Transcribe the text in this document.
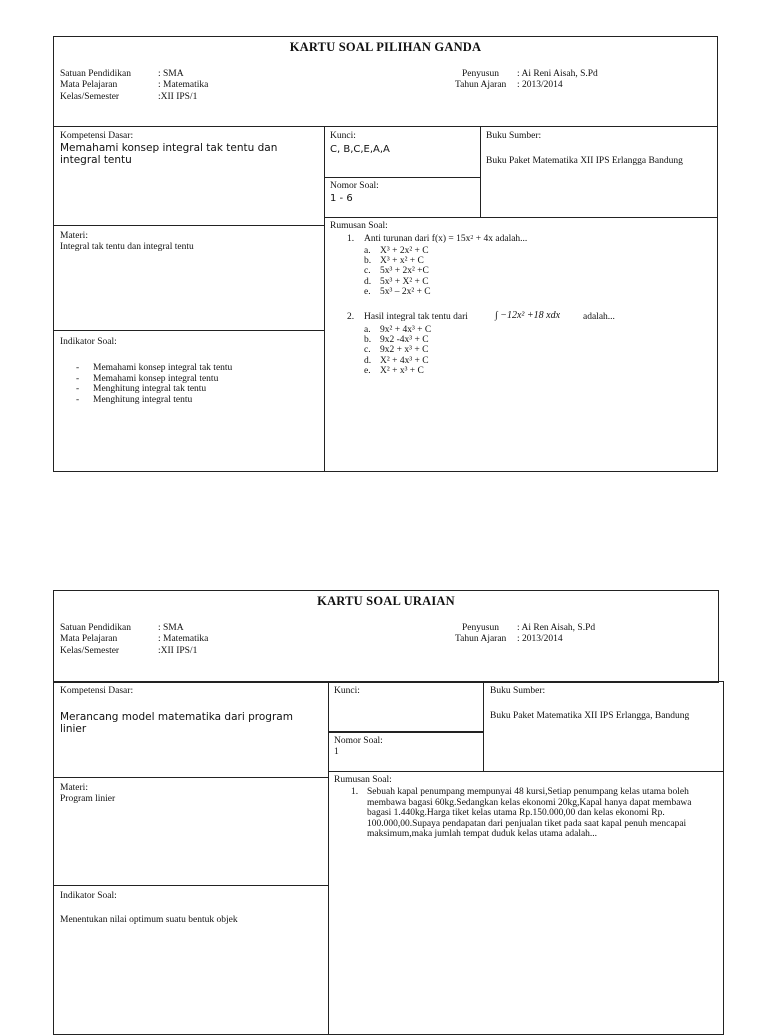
KARTU SOAL PILIHAN GANDA
Satuan Pendidikan	: SMA
Mata Pelajaran	: Matematika
Kelas/Semester	:XII IPS/1
Penyusun : Ai Reni Aisah, S.Pd
Tahun Ajaran : 2013/2014
Kompetensi Dasar:
Memahami konsep integral tak tentu dan integral tentu
Kunci:
C, B,C,E,A,A
Nomor Soal:
1 - 6
Buku Sumber:
Buku Paket Matematika XII IPS Erlangga Bandung
Materi:
Integral tak tentu dan integral tentu
Indikator Soal:
- Memahami konsep integral tak tentu
- Memahami konsep integral tentu
- Menghitung integral tak tentu
- Menghitung integral tentu
Rumusan Soal:
1. Anti turunan dari $f(x) = 15x^2 + 4x$ adalah...
a. X³ + 2x² + C
b. X³ + x² + C
c. 5x³ + 2x² +C
d. 5x³ + X² + C
e. 5x³ – 2x² + C
2. Hasil integral tak tentu dari	∫ −12x² +18 xdx adalah...
a. 9x² + 4x³ + C
b. 9x2 -4x³ + C
c. 9x2 + x³ + C
d. X² + 4x³ + C
e. X² + x³ + C
KARTU SOAL URAIAN
Satuan Pendidikan	: SMA
Mata Pelajaran	: Matematika
Kelas/Semester	:XII IPS/1
Penyusun : Ai Ren Aisah, S.Pd
Tahun Ajaran : 2013/2014
Kompetensi Dasar:
Merancang model matematika dari program linier
Kunci:
Nomor Soal:
1
Buku Sumber:
Buku Paket Matematika XII IPS Erlangga, Bandung
Materi:
Program linier
Indikator Soal:
Menentukan nilai optimum suatu bentuk objek
Rumusan Soal:
1. Sebuah kapal penumpang mempunyai 48 kursi,Setiap penumpang kelas utama boleh membawa bagasi 60kg.Sedangkan kelas ekonomi 20kg,Kapal hanya dapat membawa bagasi 1.440kg.Harga tiket kelas utama Rp.150.000,00 dan kelas ekonomi Rp. 100.000,00.Supaya pendapatan dari penjualan tiket pada saat kapal penuh mencapai maksimum,maka jumlah tempat duduk kelas utama adalah...
